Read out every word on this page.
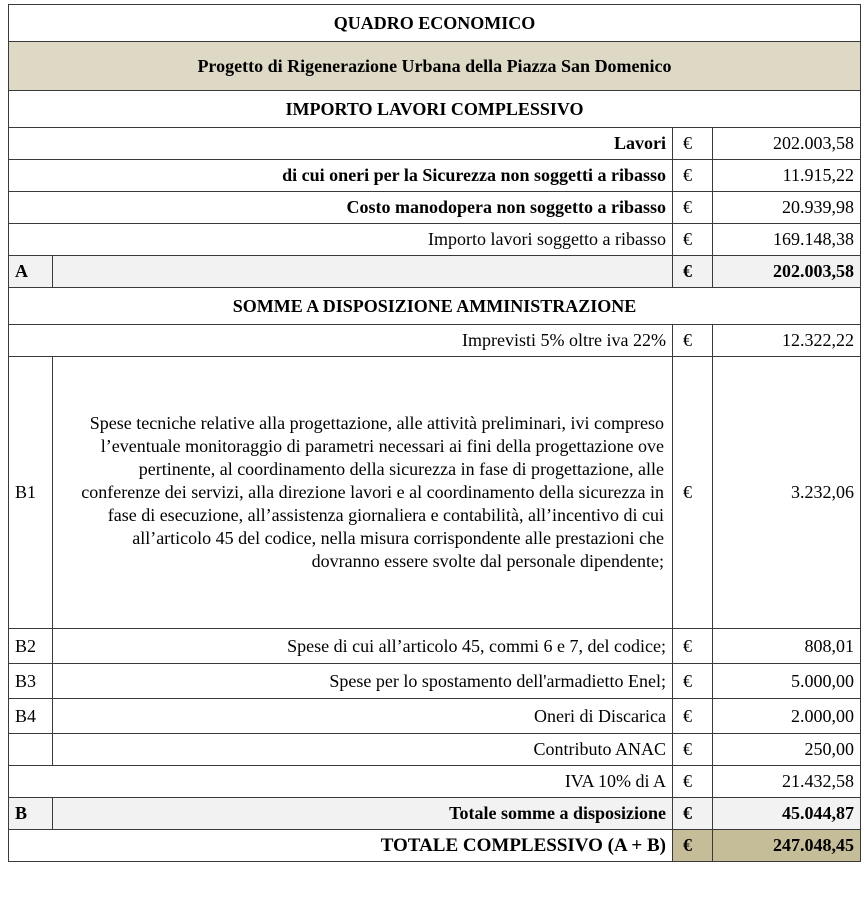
QUADRO ECONOMICO			
Progetto di Rigenerazione Urbana della Piazza San Domenico			
IMPORTO LAVORI COMPLESSIVO			
Lavori		€	202.003,58
di cui oneri per la Sicurezza non soggetti a ribasso		€	11.915,22
Costo manodopera non soggetto a ribasso		€	20.939,98
Importo lavori soggetto a ribasso		€	169.148,38
A		€	202.003,58
SOMME A DISPOSIZIONE AMMINISTRAZIONE			
Imprevisti 5% oltre iva 22%		€	12.322,22
B1	Spese tecniche relative alla progettazione, alle attività preliminari, ivi compreso l’eventuale monitoraggio di parametri necessari ai fini della progettazione ove pertinente, al coordinamento della sicurezza in fase di progettazione, alle conferenze dei servizi, alla direzione lavori e al coordinamento della sicurezza in fase di esecuzione, all’assistenza giornaliera e contabilità, all’incentivo di cui all’articolo 45 del codice, nella misura corrispondente alle prestazioni che dovranno essere svolte dal personale dipendente;	€	3.232,06
B2	Spese di cui all’articolo 45, commi 6 e 7, del codice;	€	808,01
B3	Spese per lo spostamento dell'armadietto Enel;	€	5.000,00
B4	Oneri di Discarica	€	2.000,00
	Contributo ANAC	€	250,00
IVA 10% di A		€	21.432,58
B	Totale somme a disposizione	€	45.044,87
TOTALE COMPLESSIVO (A + B)		€	247.048,45
